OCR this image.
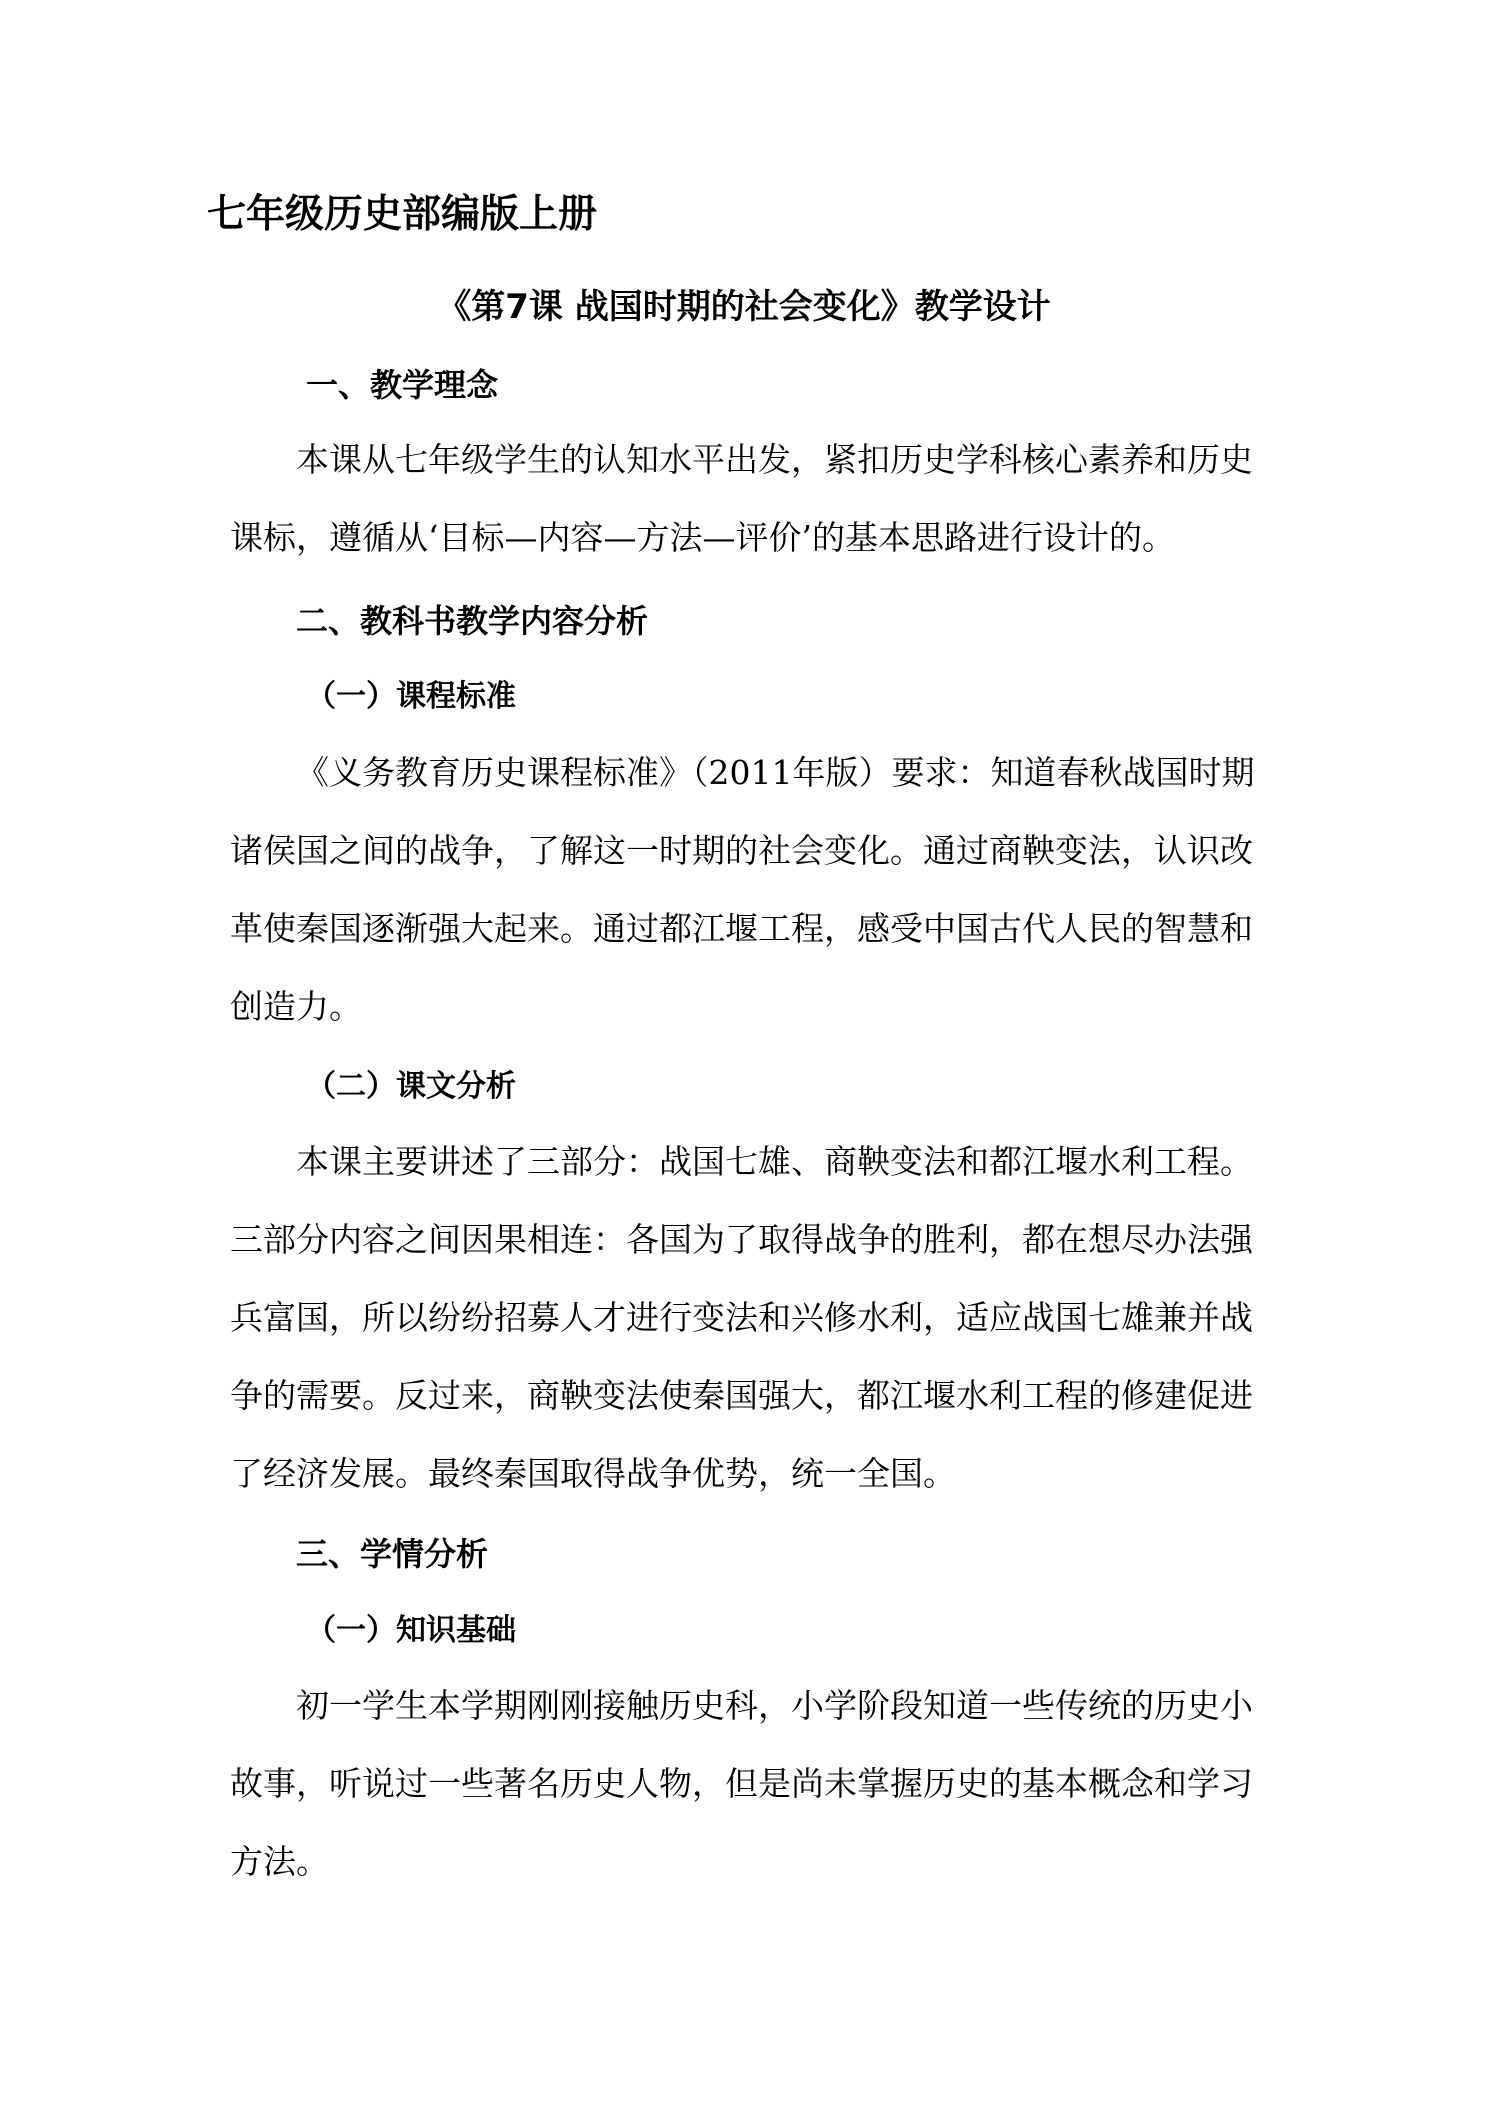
七年级历史部编版上册
《第7课 战国时期的社会变化》教学设计
一、教学理念

本课从七年级学生的认知水平出发，紧扣历史学科核心素养和历史课标，遵循从‘目标—内容—方法—评价’的基本思路进行设计的。

二、教科书教学内容分析
（一）课程标准

《义务教育历史课程标准》（2011年版）要求：知道春秋战国时期诸侯国之间的战争，了解这一时期的社会变化。通过商鞅变法，认识改革使秦国逐渐强大起来。通过都江堰工程，感受中国古代人民的智慧和创造力。

（二）课文分析

本课主要讲述了三部分：战国七雄、商鞅变法和都江堰水利工程。三部分内容之间因果相连：各国为了取得战争的胜利，都在想尽办法强兵富国，所以纷纷招募人才进行变法和兴修水利，适应战国七雄兼并战争的需要。反过来，商鞅变法使秦国强大，都江堰水利工程的修建促进了经济发展。最终秦国取得战争优势，统一全国。

三、学情分析
（一）知识基础

初一学生本学期刚刚接触历史科，小学阶段知道一些传统的历史小故事，听说过一些著名历史人物，但是尚未掌握历史的基本概念和学习方法。
